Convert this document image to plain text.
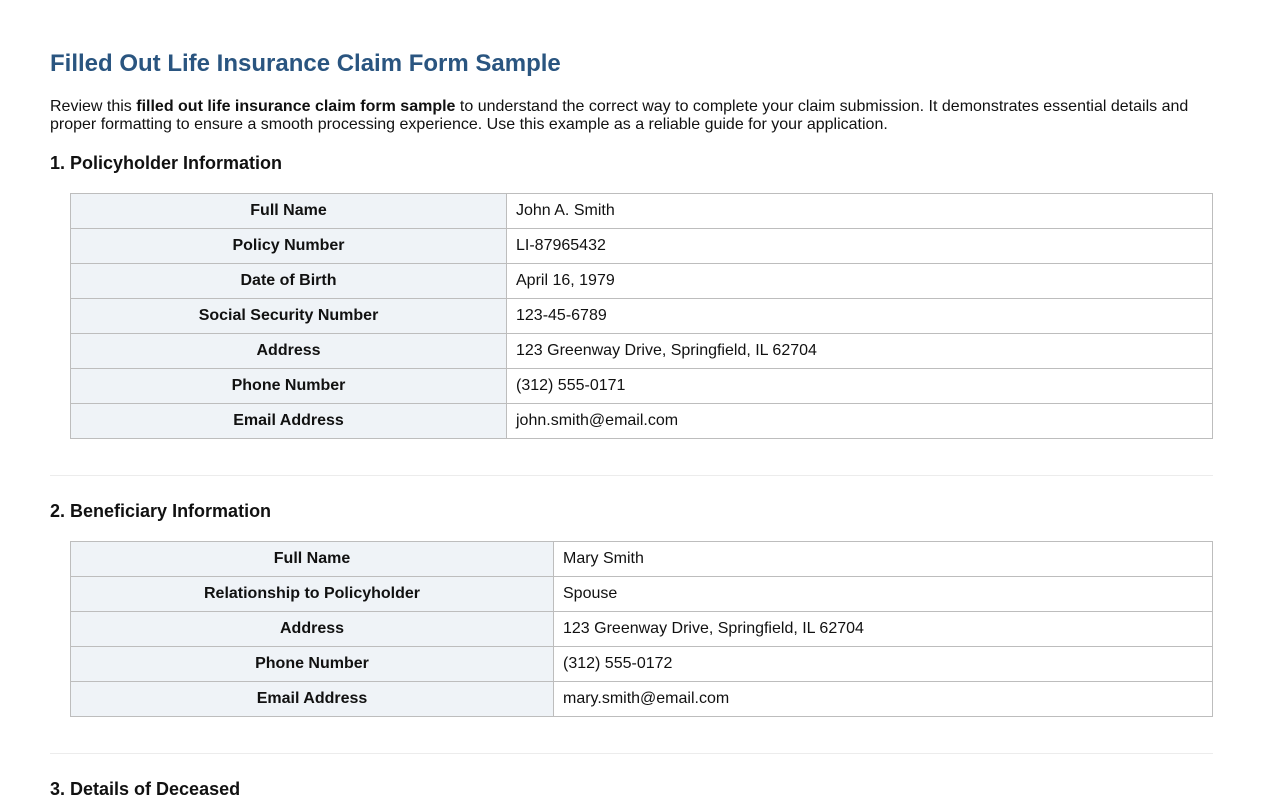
Filled Out Life Insurance Claim Form Sample

Review this filled out life insurance claim form sample to understand the correct way to complete your claim submission. It demonstrates essential details and proper formatting to ensure a smooth processing experience. Use this example as a reliable guide for your application.

1. Policyholder Information
Full Name	John A. Smith
Policy Number	LI-87965432
Date of Birth	April 16, 1979
Social Security Number	123-45-6789
Address	123 Greenway Drive, Springfield, IL 62704
Phone Number	(312) 555-0171
Email Address	john.smith@email.com
2. Beneficiary Information
Full Name	Mary Smith
Relationship to Policyholder	Spouse
Address	123 Greenway Drive, Springfield, IL 62704
Phone Number	(312) 555-0172
Email Address	mary.smith@email.com
3. Details of Deceased
